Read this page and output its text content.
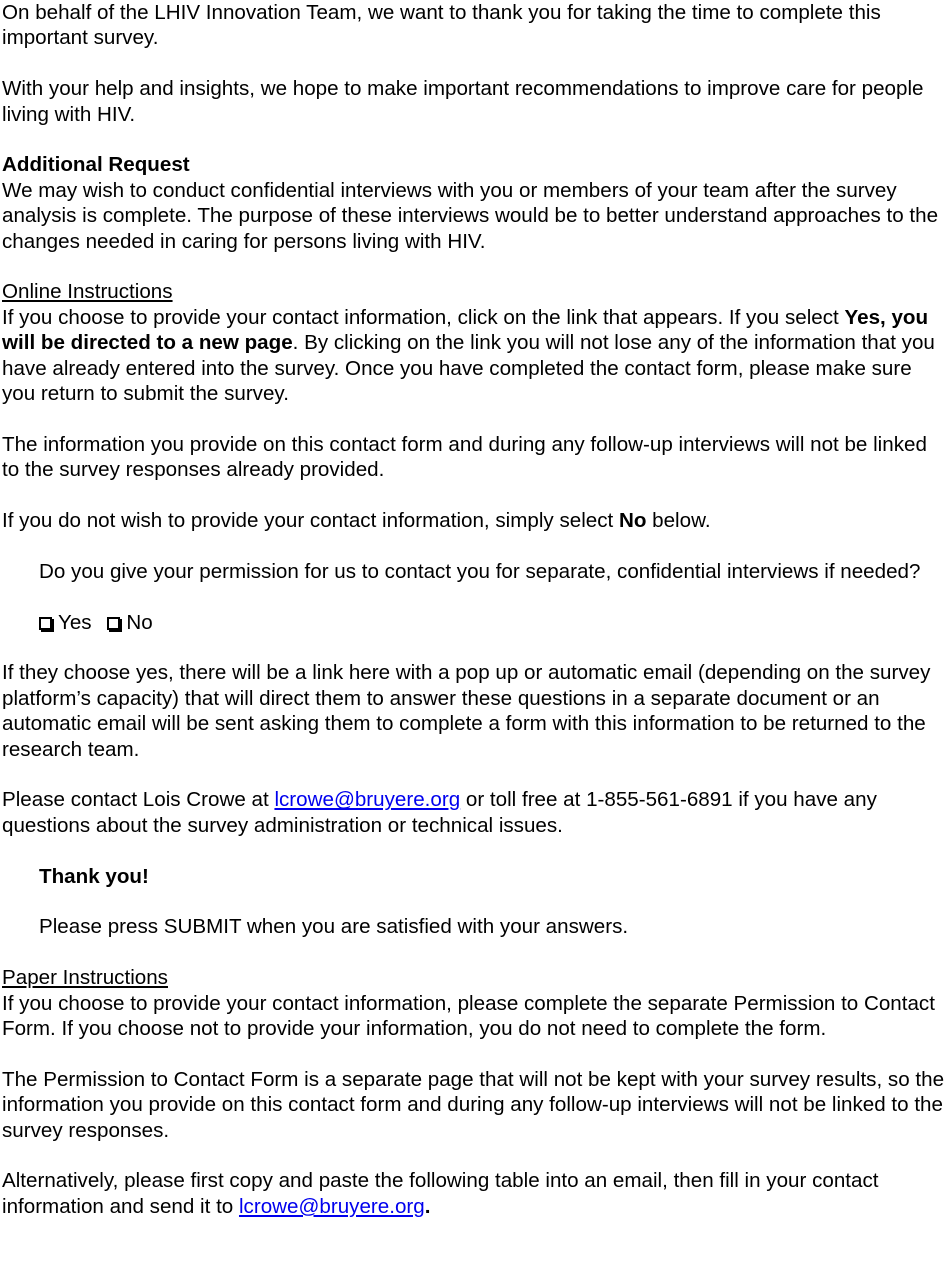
On behalf of the LHIV Innovation Team, we want to thank you for taking the time to complete this important survey.

With your help and insights, we hope to make important recommendations to improve care for people living with HIV.

Additional Request

We may wish to conduct confidential interviews with you or members of your team after the survey analysis is complete. The purpose of these interviews would be to better understand approaches to the changes needed in caring for persons living with HIV.

Online Instructions

If you choose to provide your contact information, click on the link that appears. If you select Yes, you will be directed to a new page. By clicking on the link you will not lose any of the information that you have already entered into the survey. Once you have completed the contact form, please make sure you return to submit the survey.

The information you provide on this contact form and during any follow-up interviews will not be linked to the survey responses already provided.

If you do not wish to provide your contact information, simply select No below.

Do you give your permission for us to contact you for separate, confidential interviews if needed?

Yes No

If they choose yes, there will be a link here with a pop up or automatic email (depending on the survey platform’s capacity) that will direct them to answer these questions in a separate document or an automatic email will be sent asking them to complete a form with this information to be returned to the research team.

Please contact Lois Crowe at lcrowe@bruyere.org or toll free at 1-855-561-6891 if you have any questions about the survey administration or technical issues.

Thank you!

Please press SUBMIT when you are satisfied with your answers.

Paper Instructions

If you choose to provide your contact information, please complete the separate Permission to Contact Form. If you choose not to provide your information, you do not need to complete the form.

The Permission to Contact Form is a separate page that will not be kept with your survey results, so the information you provide on this contact form and during any follow-up interviews will not be linked to the survey responses.

Alternatively, please first copy and paste the following table into an email, then fill in your contact information and send it to lcrowe@bruyere.org.
